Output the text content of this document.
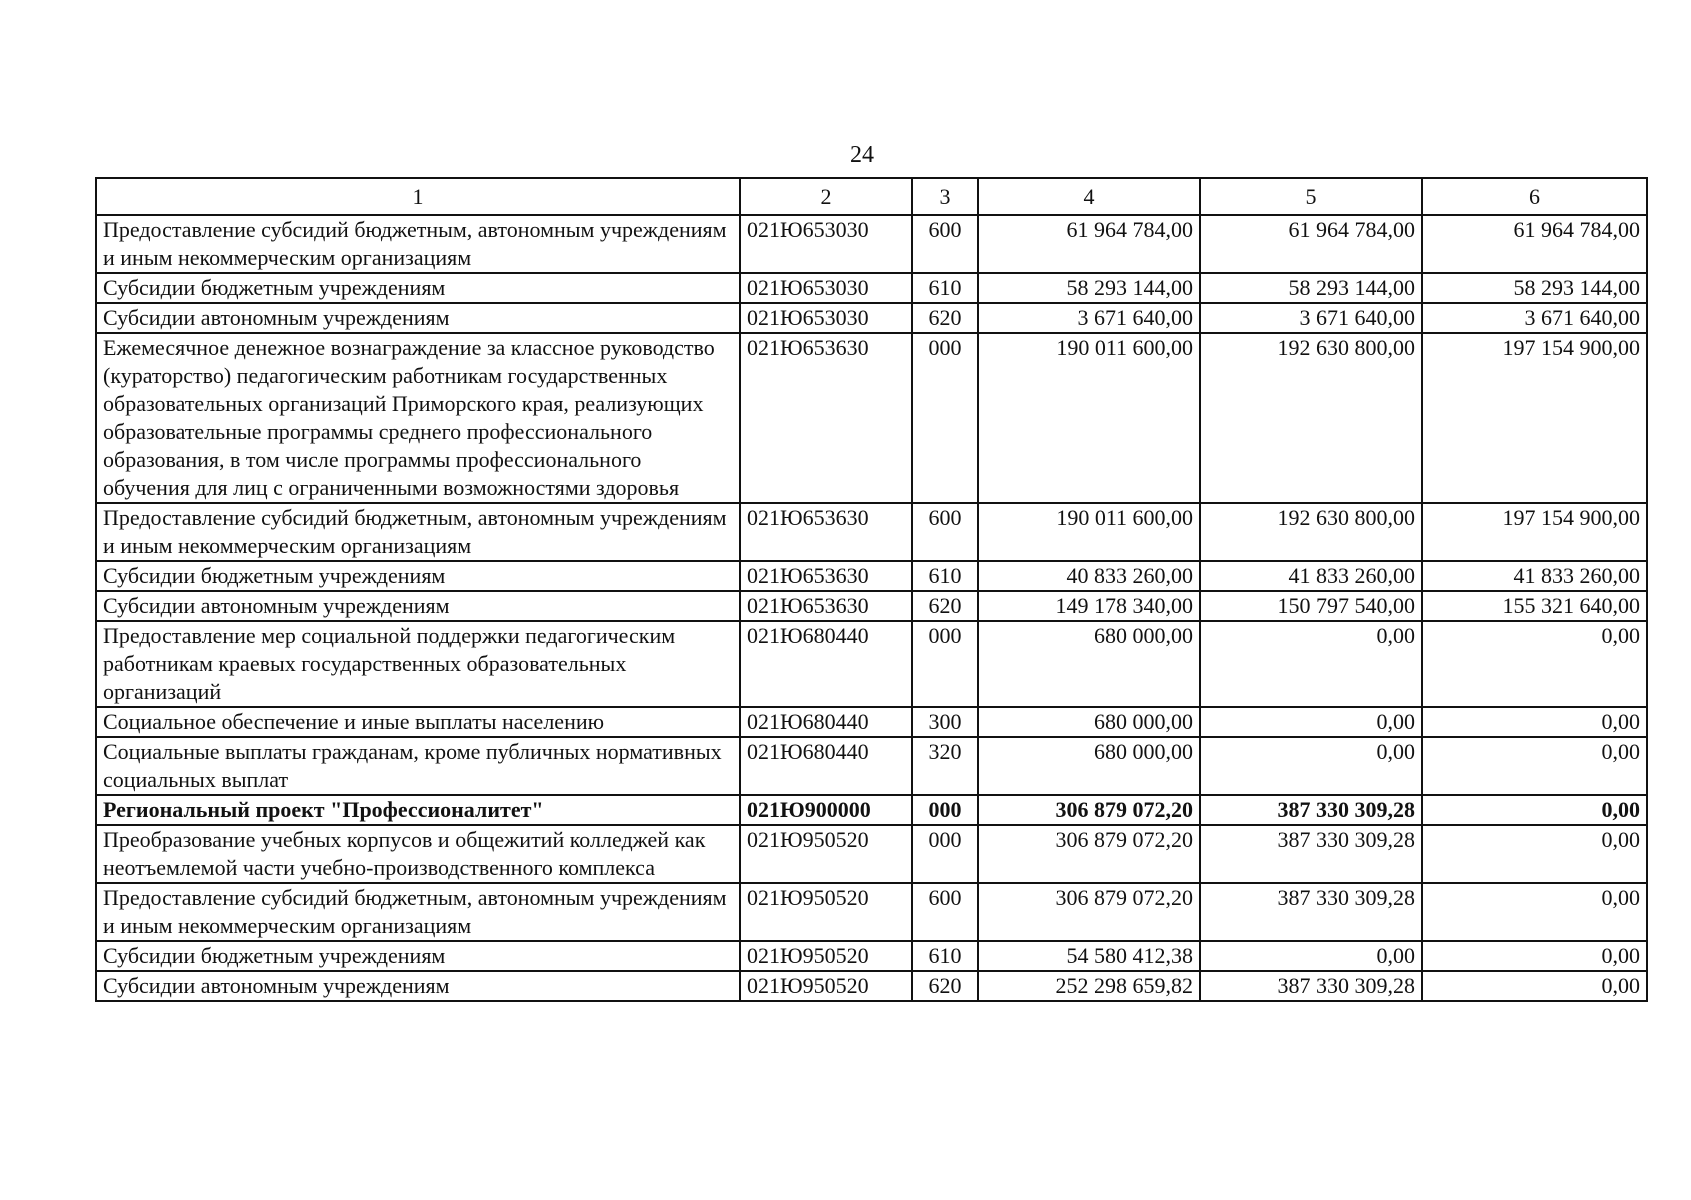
24
1	2	3	4	5	6
Предоставление субсидий бюджетным, автономным учреждениям и иным некоммерческим организациям	021Ю653030	600	61 964 784,00	61 964 784,00	61 964 784,00
Субсидии бюджетным учреждениям	021Ю653030	610	58 293 144,00	58 293 144,00	58 293 144,00
Субсидии автономным учреждениям	021Ю653030	620	3 671 640,00	3 671 640,00	3 671 640,00
Ежемесячное денежное вознаграждение за классное руководство (кураторство) педагогическим работникам государственных образовательных организаций Приморского края, реализующих образовательные программы среднего профессионального образования, в том числе программы профессионального обучения для лиц с ограниченными возможностями здоровья	021Ю653630	000	190 011 600,00	192 630 800,00	197 154 900,00
Предоставление субсидий бюджетным, автономным учреждениям и иным некоммерческим организациям	021Ю653630	600	190 011 600,00	192 630 800,00	197 154 900,00
Субсидии бюджетным учреждениям	021Ю653630	610	40 833 260,00	41 833 260,00	41 833 260,00
Субсидии автономным учреждениям	021Ю653630	620	149 178 340,00	150 797 540,00	155 321 640,00
Предоставление мер социальной поддержки педагогическим работникам краевых государственных образовательных организаций	021Ю680440	000	680 000,00	0,00	0,00
Социальное обеспечение и иные выплаты населению	021Ю680440	300	680 000,00	0,00	0,00
Социальные выплаты гражданам, кроме публичных нормативных социальных выплат	021Ю680440	320	680 000,00	0,00	0,00
Региональный проект "Профессионалитет"	021Ю900000	000	306 879 072,20	387 330 309,28	0,00
Преобразование учебных корпусов и общежитий колледжей как неотъемлемой части учебно-производственного комплекса	021Ю950520	000	306 879 072,20	387 330 309,28	0,00
Предоставление субсидий бюджетным, автономным учреждениям и иным некоммерческим организациям	021Ю950520	600	306 879 072,20	387 330 309,28	0,00
Субсидии бюджетным учреждениям	021Ю950520	610	54 580 412,38	0,00	0,00
Субсидии автономным учреждениям	021Ю950520	620	252 298 659,82	387 330 309,28	0,00
